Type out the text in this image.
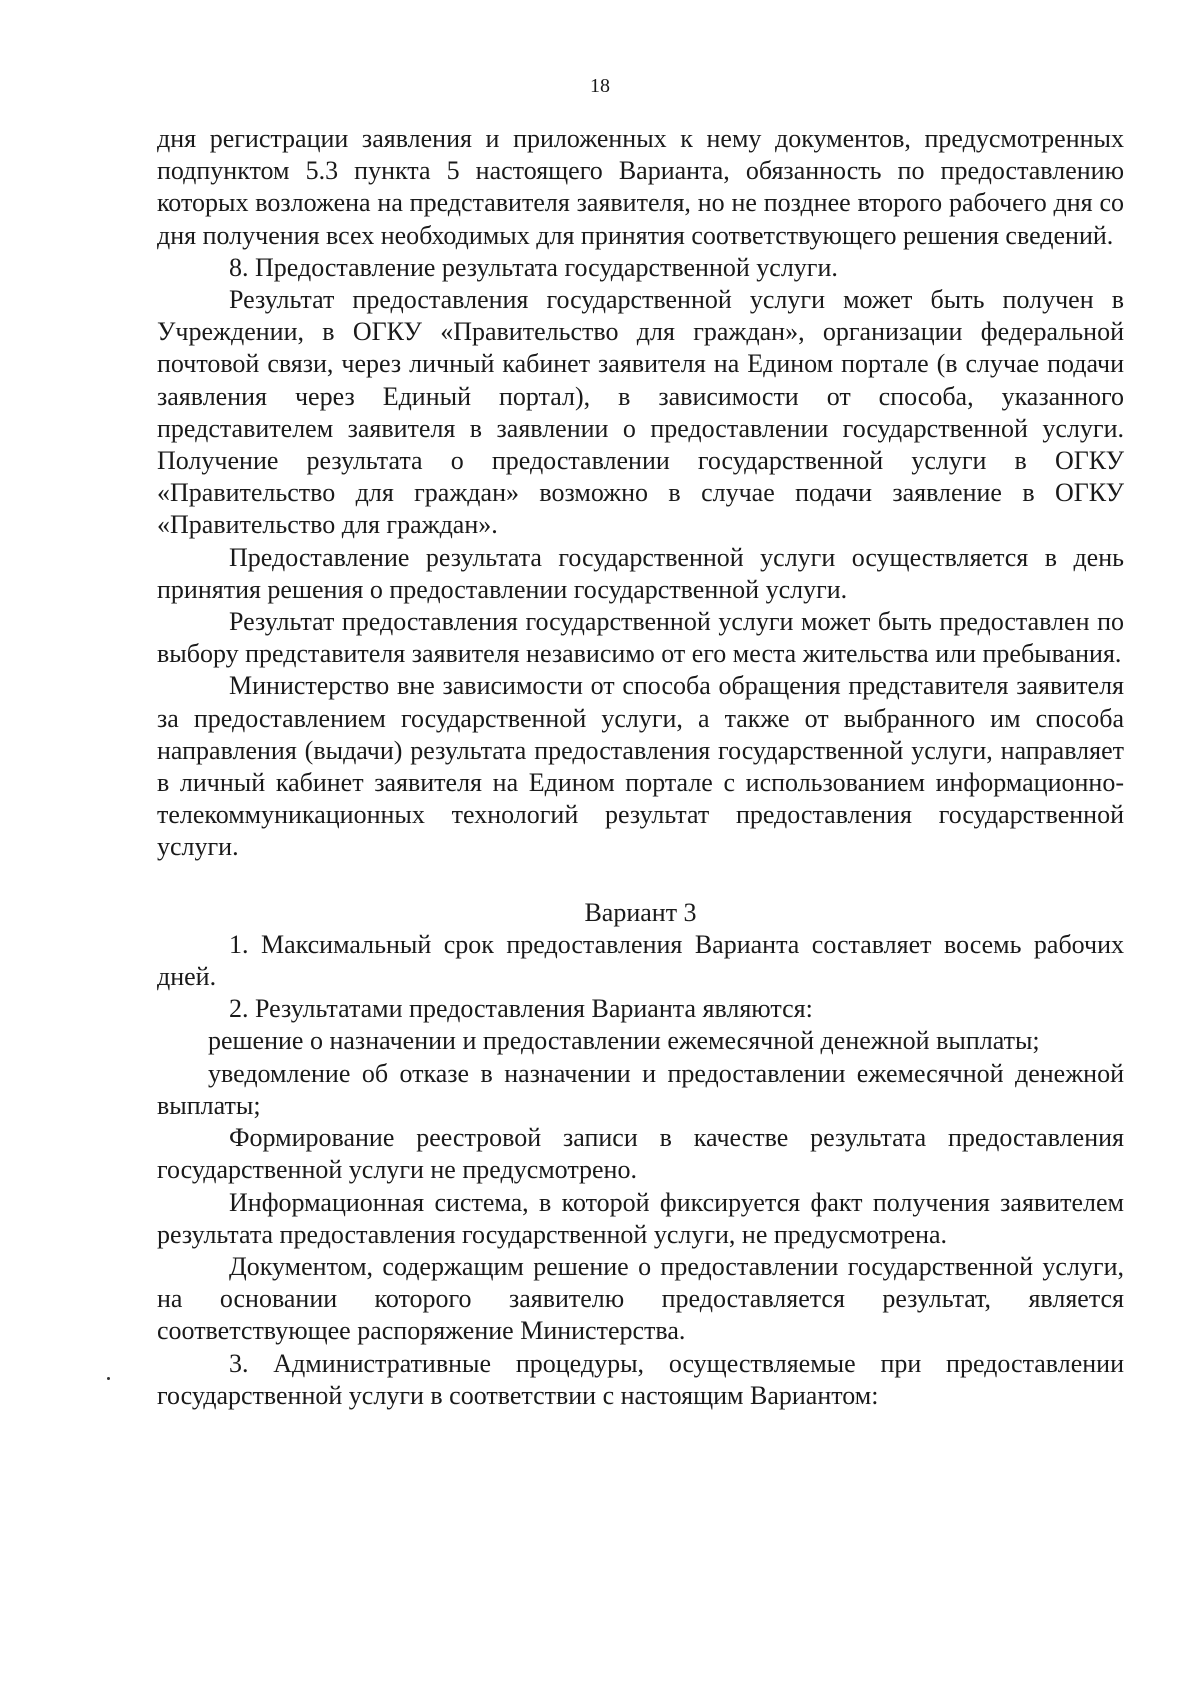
18

дня регистрации заявления и приложенных к нему документов, предусмотренных подпунктом 5.3 пункта 5 настоящего Варианта, обязанность по предоставлению которых возложена на представителя заявителя, но не позднее второго рабочего дня со дня получения всех необходимых для принятия соответствующего решения сведений.

8. Предоставление результата государственной услуги.

Результат предоставления государственной услуги может быть получен в Учреждении, в ОГКУ «Правительство для граждан», организации федеральной почтовой связи, через личный кабинет заявителя на Едином портале (в случае подачи заявления через Единый портал), в зависимости от способа, указанного представителем заявителя в заявлении о предоставлении государственной услуги. Получение результата о предоставлении государственной услуги в ОГКУ «Правительство для граждан» возможно в случае подачи заявление в ОГКУ «Правительство для граждан».

Предоставление результата государственной услуги осуществляется в день принятия решения о предоставлении государственной услуги.

Результат предоставления государственной услуги может быть предоставлен по выбору представителя заявителя независимо от его места жительства или пребывания.

Министерство вне зависимости от способа обращения представителя заявителя за предоставлением государственной услуги, а также от выбранного им способа направления (выдачи) результата предоставления государственной услуги, направляет в личный кабинет заявителя на Едином портале с использованием информационно-телекоммуникационных технологий результат предоставления государственной услуги.

Вариант 3

1. Максимальный срок предоставления Варианта составляет восемь рабочих дней.

2. Результатами предоставления Варианта являются:

решение о назначении и предоставлении ежемесячной денежной выплаты;

уведомление об отказе в назначении и предоставлении ежемесячной денежной выплаты;

Формирование реестровой записи в качестве результата предоставления государственной услуги не предусмотрено.

Информационная система, в которой фиксируется факт получения заявителем результата предоставления государственной услуги, не предусмотрена.

Документом, содержащим решение о предоставлении государственной услуги, на основании которого заявителю предоставляется результат, является соответствующее распоряжение Министерства.

3. Административные процедуры, осуществляемые при предоставлении государственной услуги в соответствии с настоящим Вариантом:
